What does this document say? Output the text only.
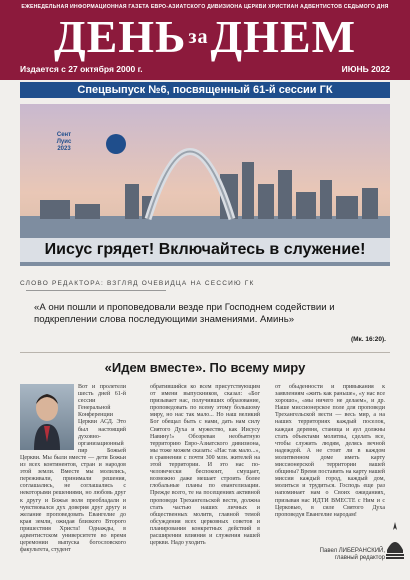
ЕЖЕНЕДЕЛЬНАЯ ИНФОРМАЦИОННАЯ ГАЗЕТА ЕВРО-АЗИАТСКОГО ДИВИЗИОНА ЦЕРКВИ ХРИСТИАН АДВЕНТИСТОВ СЕДЬМОГО ДНЯ
ДЕНЬ заДНЕМ
Издается с 27 октября 2000 г.	ИЮНЬ 2022
Спецвыпуск №6, посвященный 61-й сессии ГК
Сент Луис 2023
Иисус грядет! Включайтесь в служение!
СЛОВО РЕДАКТОРА: ВЗГЛЯД ОЧЕВИДЦА НА СЕССИЮ ГК
«А они пошли и проповедовали везде при Господнем содействии и подкреплении слова последующими знамениями. Аминь»
(Мк. 16:20).
«Идем вместе». По всему миру
Вот и пролетели шесть дней 61-й сессии Генеральной Конференции Церкви АСД. Это был настоящий духовно-организационный пир Божьей Церкви. Мы были вместе — дети Божьи из всех континентов, стран и народов этой земли. Вместе мы молились, переживали, принимали решения, соглашались, не соглашались с некоторыми решениями, но любовь друг к другу и Божья воля преобладали и чувствовался дух доверия друг другу и желание проповедовать Евангелие до края земли, ожидая близкого Второго пришествия Христа! Однажды, в адвентистском университете во время церемонии выпуска богословского факультета, студент
обратившийся ко всем присутствующим от имени выпускников, сказал: «Бог призывает нас, получивших образование, проповедовать по всему этому большому миру, но нас так мало... Но наш великий Бог обещал быть с нами, дать нам силу Святого Духа и мужество, как Иисусу Навину!» Обозревая необъятную территорию Евро-Азиатского дивизиона, мы тоже можем сказать: «Нас так мало...», в сравнении с почти 300 млн. жителей на этой территории. И это нас по-человечески беспокоит, смущает, возможно даже мешает строить более глобальные планы по евангелизации. Прежде всего, те на посещениях активной проповеди Трехангельской вести, должна стать частью наших личных и общественных молитв, главной темой обсуждения всех церковных советов и планирования конкретных действий в расширении влияния и служения нашей церкви. Надо уходить
от обыденности и привыкания к заявлениям «жить как раньше», «у нас все хорошо», «мы ничего не делаем», и др. Наше миссионерское поле для проповеди Трехангельской вести — весь мир, а на наших территориях каждый поселок, каждая деревня, станица и аул должны стать объектами молитвы, сделать все, чтобы служить людям, делясь вечной надеждой. А не стоит ли в каждом молитвенном доме иметь карту миссионерской территории вашей общины? Время поставить на карту нашей миссии каждый город, каждый дом, молиться и трудиться. Господь еще раз напоминает нам о Своих ожиданиях, призывая нас ИДТИ ВМЕСТЕ с Ним и с Церковью, в силе Святого Духа проповедуя Евангелие народам!
Павел ЛИБЕРАНСКИЙ,
главный редактор
